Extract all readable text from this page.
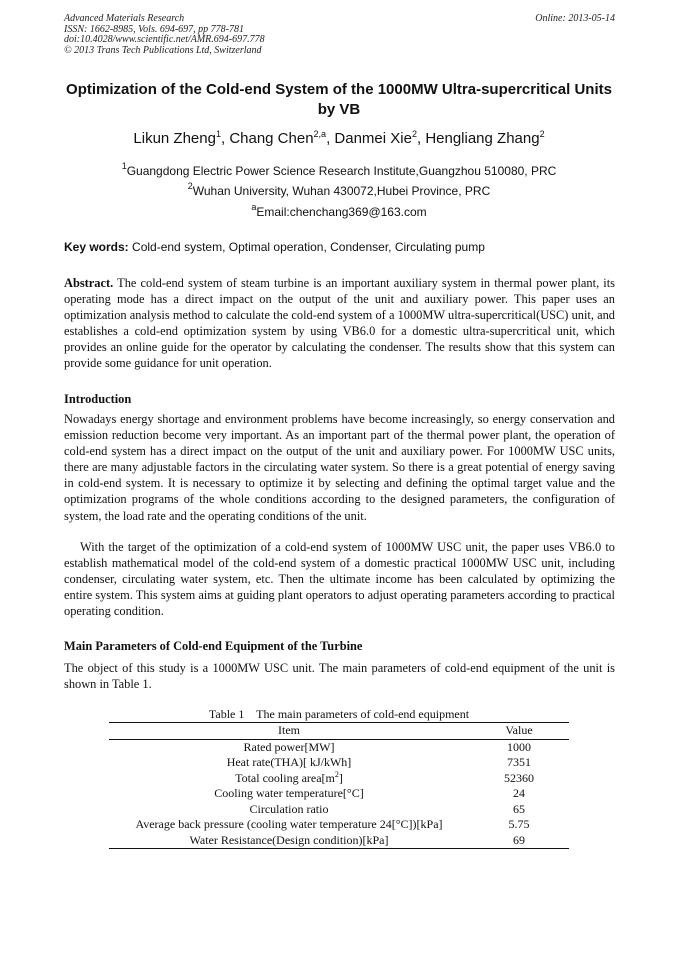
Advanced Materials Research
ISSN: 1662-8985, Vols. 694-697, pp 778-781
doi:10.4028/www.scientific.net/AMR.694-697.778
© 2013 Trans Tech Publications Ltd, Switzerland
Online: 2013-05-14
Optimization of the Cold-end System of the 1000MW Ultra-supercritical Units by VB
Likun Zheng$^1$, Chang Chen$^{2,a}$, Danmei Xie$^2$, Hengliang Zhang$^2$
$^1$Guangdong Electric Power Science Research Institute,Guangzhou 510080, PRC
$^2$Wuhan University, Wuhan 430072,Hubei Province, PRC
$^a$Email:chenchang369@163.com
Key words: Cold-end system, Optimal operation, Condenser, Circulating pump
Abstract. The cold-end system of steam turbine is an important auxiliary system in thermal power plant, its operating mode has a direct impact on the output of the unit and auxiliary power. This paper uses an optimization analysis method to calculate the cold-end system of a 1000MW ultra-supercritical(USC) unit, and establishes a cold-end optimization system by using VB6.0 for a domestic ultra-supercritical unit, which provides an online guide for the operator by calculating the condenser. The results show that this system can provide some guidance for unit operation.
Introduction
Nowadays energy shortage and environment problems have become increasingly, so energy conservation and emission reduction become very important. As an important part of the thermal power plant, the operation of cold-end system has a direct impact on the output of the unit and auxiliary power. For 1000MW USC units, there are many adjustable factors in the circulating water system. So there is a great potential of energy saving in cold-end system. It is necessary to optimize it by selecting and defining the optimal target value and the optimization programs of the whole conditions according to the designed parameters, the configuration of system, the load rate and the operating conditions of the unit.
With the target of the optimization of a cold-end system of 1000MW USC unit, the paper uses VB6.0 to establish mathematical model of the cold-end system of a domestic practical 1000MW USC unit, including condenser, circulating water system, etc. Then the ultimate income has been calculated by optimizing the entire system. This system aims at guiding plant operators to adjust operating parameters according to practical operating condition.
Main Parameters of Cold-end Equipment of the Turbine
The object of this study is a 1000MW USC unit. The main parameters of cold-end equipment of the unit is shown in Table 1.
Table 1    The main parameters of cold-end equipment
Item	Value
Rated power[MW]	1000
Heat rate(THA)[ kJ/kWh]	7351
Total cooling $area[m^2]$	52360
Cooling water temperature[°C]	24
Circulation ratio	65
Average back pressure (cooling water temperature 24[°C])[kPa]	5.75
Water Resistance(Design condition)[kPa]	69
